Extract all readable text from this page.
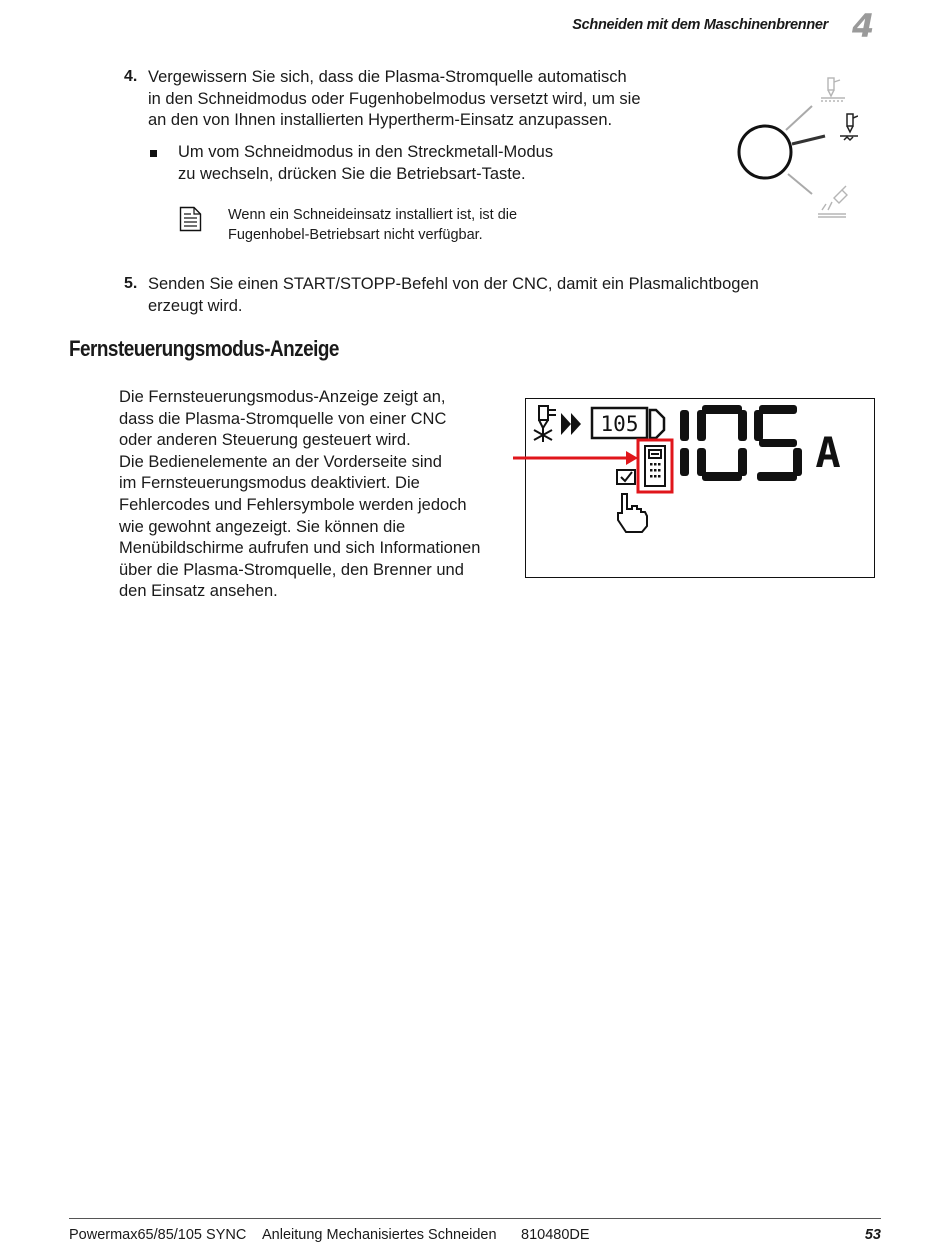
Schneiden mit dem Maschinenbrenner 4
4. Vergewissern Sie sich, dass die Plasma-Stromquelle automatisch
in den Schneidmodus oder Fugenhobelmodus versetzt wird, um sie
an den von Ihnen installierten Hypertherm-Einsatz anzupassen.
Um vom Schneidmodus in den Streckmetall-Modus
zu wechseln, drücken Sie die Betriebsart-Taste.
Wenn ein Schneideinsatz installiert ist, ist die
Fugenhobel-Betriebsart nicht verfügbar.
5. Senden Sie einen START/STOPP-Befehl von der CNC, damit ein Plasmalichtbogen
erzeugt wird.
Fernsteuerungsmodus-Anzeige
Die Fernsteuerungsmodus-Anzeige zeigt an,
dass die Plasma-Stromquelle von einer CNC
oder anderen Steuerung gesteuert wird.
Die Bedienelemente an der Vorderseite sind
im Fernsteuerungsmodus deaktiviert. Die
Fehlercodes und Fehlersymbole werden jedoch
wie gewohnt angezeigt. Sie können die
Menübildschirme aufrufen und sich Informationen
über die Plasma-Stromquelle, den Brenner und
den Einsatz ansehen.
105
A
Powermax65/85/105 SYNC Anleitung Mechanisiertes Schneiden 810480DE	53
